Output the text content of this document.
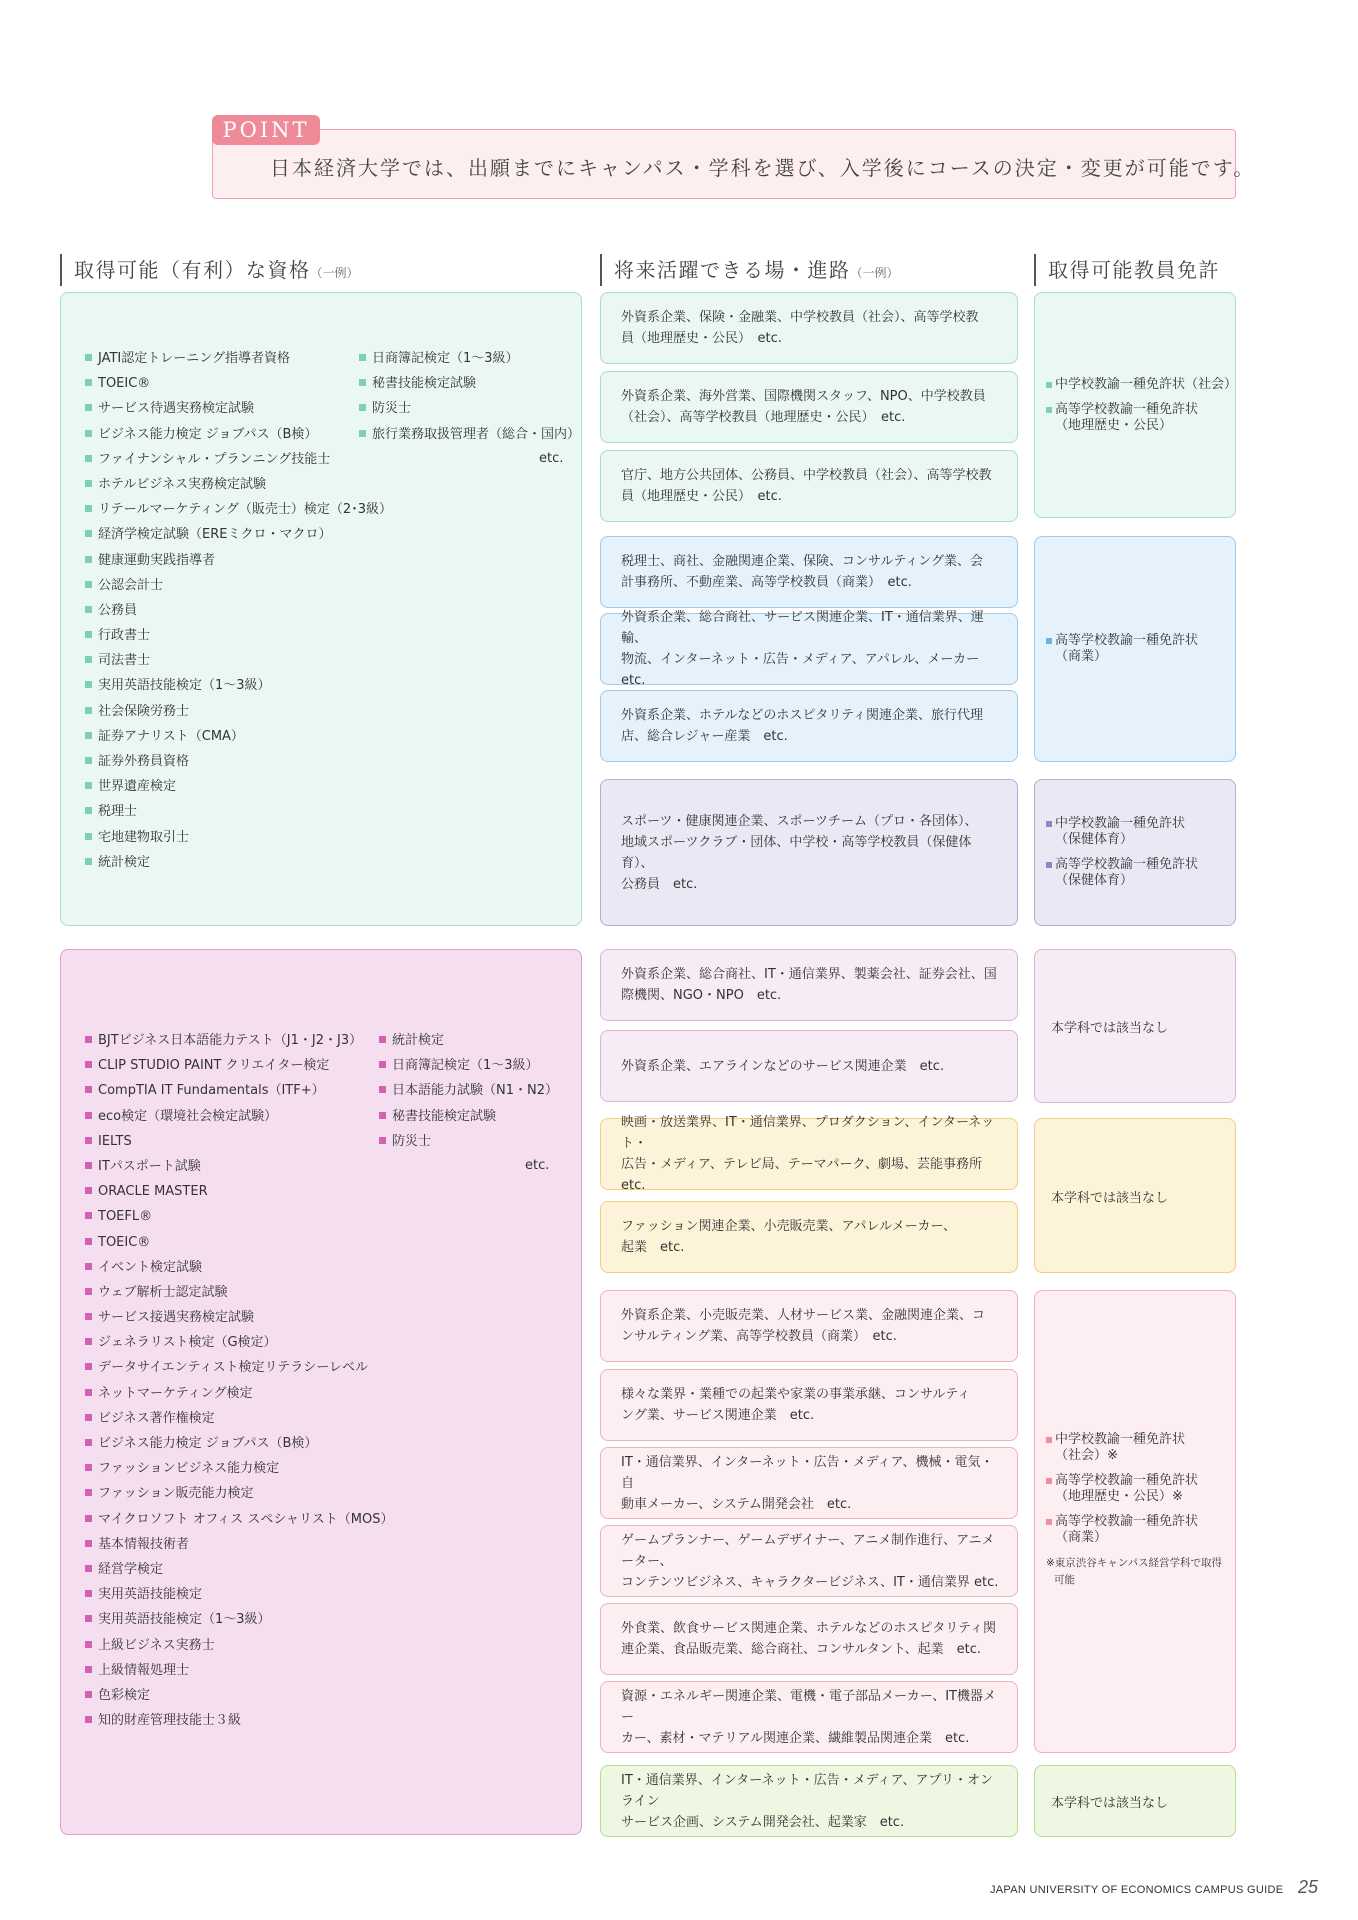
POINT
日本経済大学では、出願までにキャンパス・学科を選び、入学後にコースの決定・変更が可能です。
取得可能（有利）な資格（一例）	将来活躍できる場・進路（一例）	取得可能教員免許
JATI認定トレーニング指導者資格
TOEIC®
サービス待遇実務検定試験
ビジネス能力検定 ジョブパス（B検）
ファイナンシャル・プランニング技能士
ホテルビジネス実務検定試験
リテールマーケティング（販売士）検定（2･3級）
経済学検定試験（EREミクロ・マクロ）
健康運動実践指導者
公認会計士
公務員
行政書士
司法書士
実用英語技能検定（1〜3級）
社会保険労務士
証券アナリスト（CMA）
証券外務員資格
世界遺産検定
税理士
宅地建物取引士
統計検定
日商簿記検定（1〜3級）
秘書技能検定試験
防災士
旅行業務取扱管理者（総合・国内）
etc.
BJTビジネス日本語能力テスト（J1・J2・J3）
CLIP STUDIO PAINT クリエイター検定
CompTIA IT Fundamentals（ITF+）
eco検定（環境社会検定試験）
IELTS
ITパスポート試験
ORACLE MASTER
TOEFL®
TOEIC®
イベント検定試験
ウェブ解析士認定試験
サービス接遇実務検定試験
ジェネラリスト検定（G検定）
データサイエンティスト検定リテラシーレベル
ネットマーケティング検定
ビジネス著作権検定
ビジネス能力検定 ジョブパス（B検）
ファッションビジネス能力検定
ファッション販売能力検定
マイクロソフト オフィス スペシャリスト（MOS）
基本情報技術者
経営学検定
実用英語技能検定
実用英語技能検定（1〜3級）
上級ビジネス実務士
上級情報処理士
色彩検定
知的財産管理技能士３級
統計検定
日商簿記検定（1〜3級）
日本語能力試験（N1・N2）
秘書技能検定試験
防災士
etc.
外資系企業、保険・金融業、中学校教員（社会）、高等学校教
員（地理歴史・公民）　etc.
外資系企業、海外営業、国際機関スタッフ、NPO、中学校教員
（社会）、高等学校教員（地理歴史・公民）　etc.
官庁、地方公共団体、公務員、中学校教員（社会）、高等学校教
員（地理歴史・公民）　etc.
税理士、商社、金融関連企業、保険、コンサルティング業、会
計事務所、不動産業、高等学校教員（商業）　etc.
外資系企業、総合商社、サービス関連企業、IT・通信業界、運輸、
物流、インターネット・広告・メディア、アパレル、メーカー　etc.
外資系企業、ホテルなどのホスピタリティ関連企業、旅行代理
店、総合レジャー産業　etc.
スポーツ・健康関連企業、スポーツチーム（プロ・各団体）、
地域スポーツクラブ・団体、中学校・高等学校教員（保健体育）、
公務員　etc.
外資系企業、総合商社、IT・通信業界、製薬会社、証券会社、国
際機関、NGO・NPO　etc.
外資系企業、エアラインなどのサービス関連企業　etc.
映画・放送業界、IT・通信業界、プロダクション、インターネット・
広告・メディア、テレビ局、テーマパーク、劇場、芸能事務所　etc.
ファッション関連企業、小売販売業、アパレルメーカー、
起業　etc.
外資系企業、小売販売業、人材サービス業、金融関連企業、コ
ンサルティング業、高等学校教員（商業）　etc.
様々な業界・業種での起業や家業の事業承継、コンサルティ
ング業、サービス関連企業　etc.
IT・通信業界、インターネット・広告・メディア、機械・電気・自
動車メーカー、システム開発会社　etc.
ゲームプランナー、ゲームデザイナー、アニメ制作進行、アニメーター、
コンテンツビジネス、キャラクタービジネス、IT・通信業界 etc.
外食業、飲食サービス関連企業、ホテルなどのホスピタリティ関
連企業、食品販売業、総合商社、コンサルタント、起業　etc.
資源・エネルギー関連企業、電機・電子部品メーカー、IT機器メー
カー、素材・マテリアル関連企業、繊維製品関連企業　etc.
IT・通信業界、インターネット・広告・メディア、アプリ・オンライン
サービス企画、システム開発会社、起業家　etc.
中学校教諭一種免許状（社会）
高等学校教諭一種免許状
（地理歴史・公民）
高等学校教諭一種免許状
（商業）
中学校教諭一種免許状
（保健体育）
高等学校教諭一種免許状
（保健体育）
本学科では該当なし
本学科では該当なし
中学校教諭一種免許状
（社会）※
高等学校教諭一種免許状
（地理歴史・公民）※
高等学校教諭一種免許状
（商業）
※東京渋谷キャンパス経営学科で取得可能
本学科では該当なし
JAPAN UNIVERSITY OF ECONOMICS CAMPUS GUIDE 25
